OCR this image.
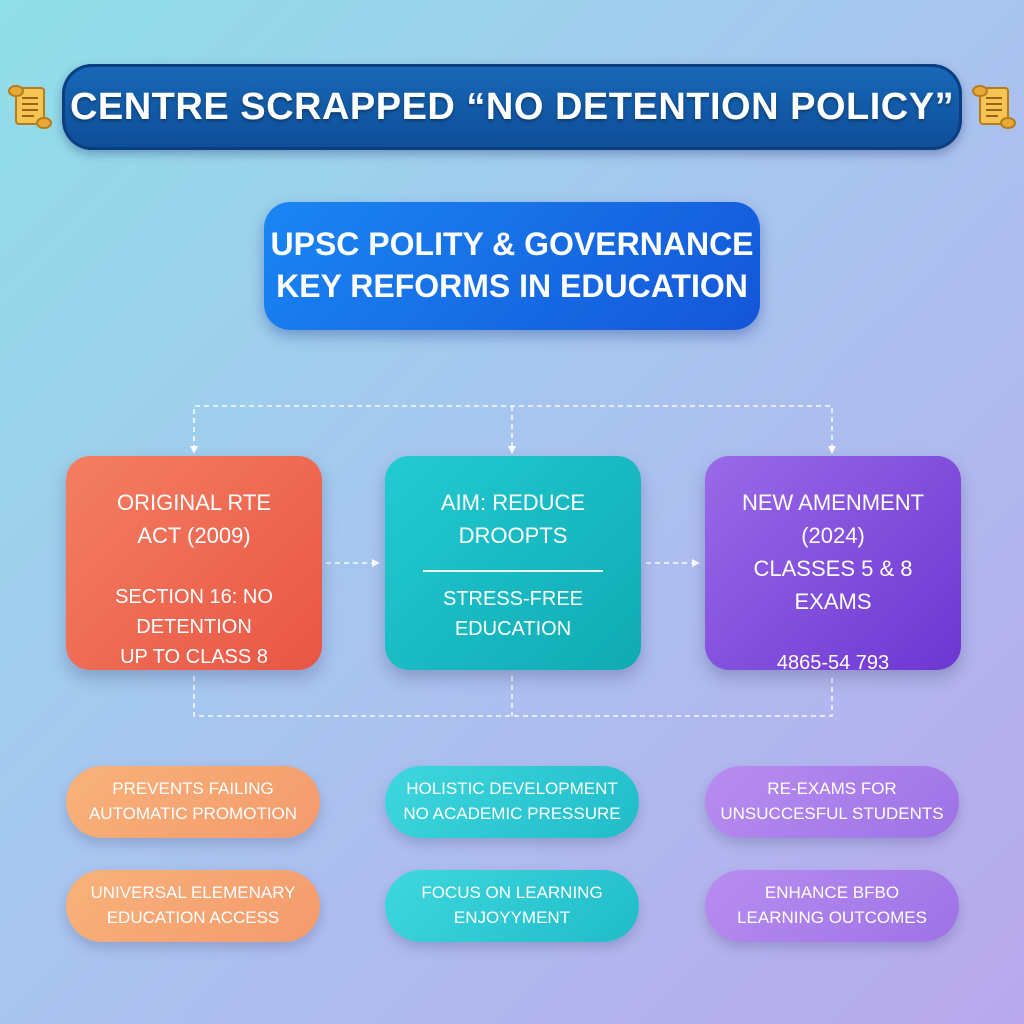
CENTRE SCRAPPED “NO DETENTION POLICY”
UPSC POLITY & GOVERNANCE
KEY REFORMS IN EDUCATION
ORIGINAL RTE
ACT (2009)
SECTION 16: NO DETENTION
UP TO CLASS 8
AIM: REDUCE
DROOPTS
STRESS-FREE
EDUCATION
NEW AMENMENT (2024)
CLASSES 5 & 8 EXAMS
4865-54 793
PREVENTS FAILING
AUTOMATIC PROMOTION
HOLISTIC DEVELOPMENT
NO ACADEMIC PRESSURE
RE-EXAMS FOR
UNSUCCESFUL STUDENTS
UNIVERSAL ELEMENARY
EDUCATION ACCESS
FOCUS ON LEARNING
ENJOYYMENT
ENHANCE BFBO
LEARNING OUTCOMES
